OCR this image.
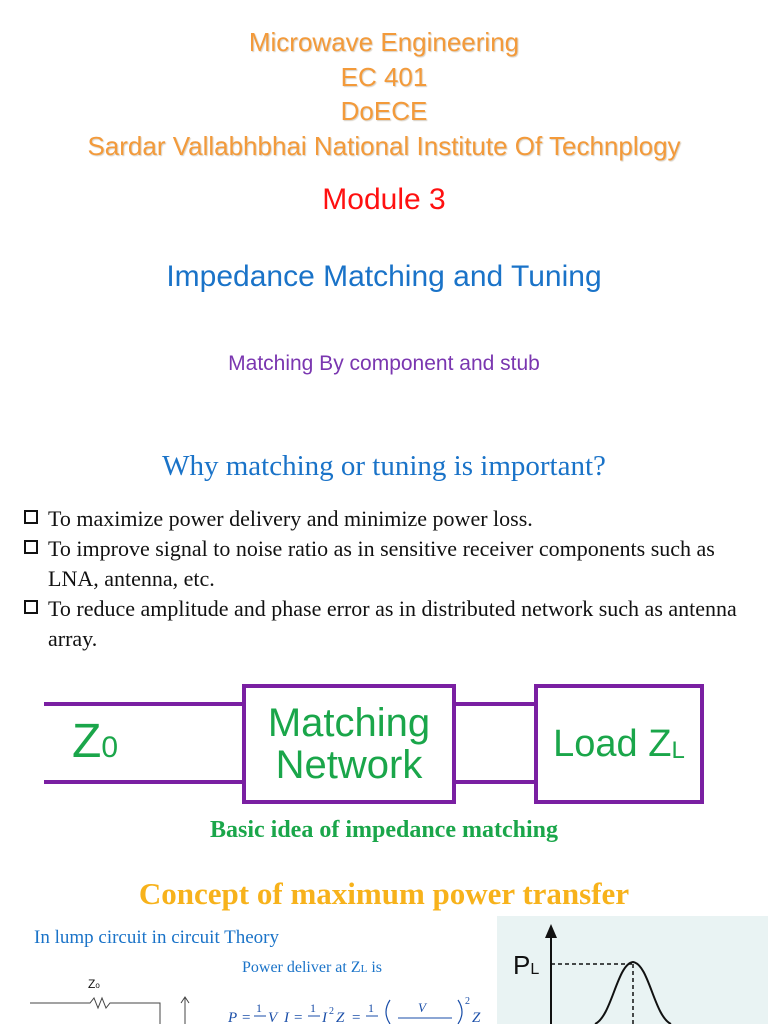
Microwave Engineering
EC 401
DoECE
Sardar Vallabhbhai National Institute Of Technplogy
Module 3
Impedance Matching and Tuning
Matching By component and stub
Why matching or tuning is important?
To maximize power delivery and minimize power loss.
To improve signal to noise ratio as in sensitive receiver components such as LNA, antenna, etc.
To reduce amplitude and phase error as in distributed network such as antenna array.
Z0
Matching
Network	Load Z L
Basic idea of impedance matching
Concept of maximum power transfer
In lump circuit in circuit Theory
Power deliver at ZL is
Zo
P =
1
V I =
1
I 2 Z =
1	V	2
Z
PL
